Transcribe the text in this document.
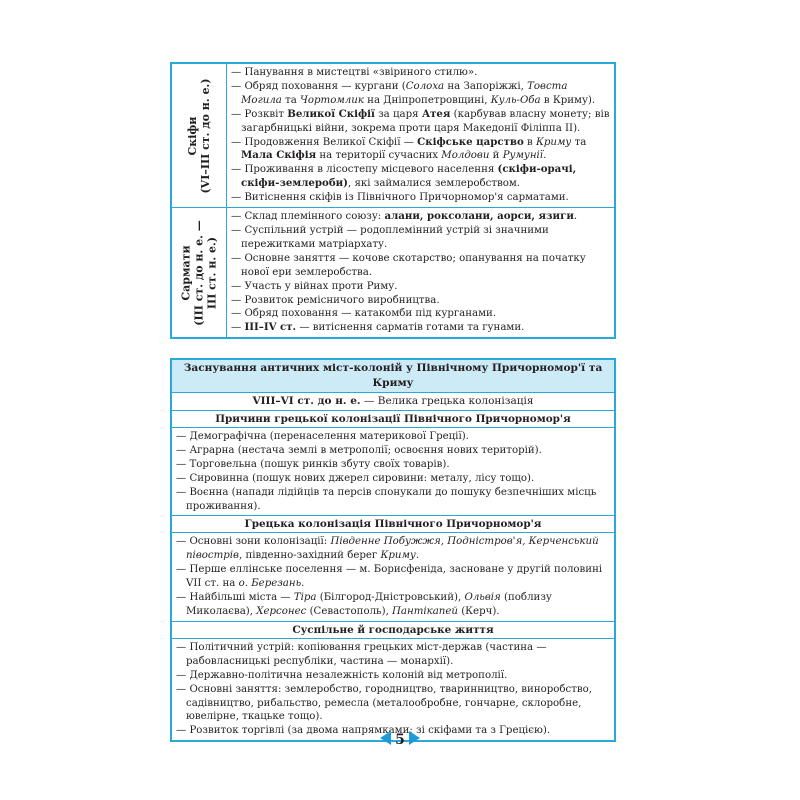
Скіфи (VI–III ст. до н. е.)
— Панування в мистецтві «звіриного стилю».
— Обряд поховання — кургани (Солоха на Запоріжжі, Товста Могила та Чортомлик на Дніпропетровщині, Куль-Оба в Криму).
— Розквіт Великої Скіфії за царя Атея (карбував власну монету; вів загарбницькі війни, зокрема проти царя Македонії Філіппа II).
— Продовження Великої Скіфії — Скіфське царство в Криму та Мала Скіфія на території сучасних Молдови й Румунії.
— Проживання в лісостепу місцевого населення (скіфи-орачі, скіфи-землероби), які займалися землеробством.
— Витіснення скіфів із Північного Причорномор'я сарматами.
Сармати (III ст. до н. е. — III ст. н. е.)
— Склад племінного союзу: алани, роксолани, аорси, язиги.
— Суспільний устрій — родоплемінний устрій зі значними пережитками матріархату.
— Основне заняття — кочове скотарство; опанування на початку нової ери землеробства.
— Участь у війнах проти Риму.
— Розвиток ремісничого виробництва.
— Обряд поховання — катакомби під курганами.
— III–IV ст. — витіснення сарматів готами та гунами.
Заснування античних міст-колоній у Північному Причорномор'ї та Криму
VIII–VI ст. до н. е. — Велика грецька колонізація
Причини грецької колонізації Північного Причорномор'я
— Демографічна (перенаселення материкової Греції).
— Аграрна (нестача землі в метрополії; освоєння нових територій).
— Торговельна (пошук ринків збуту своїх товарів).
— Сировинна (пошук нових джерел сировини: металу, лісу тощо).
— Воєнна (напади лідійців та персів спонукали до пошуку безпечніших місць проживання).
Грецька колонізація Північного Причорномор'я
— Основні зони колонізації: Південне Побужжя, Подністров'я, Керченський півострів, південно-західний берег Криму.
— Перше еллінське поселення — м. Борисфеніда, засноване у другій половині VII ст. на о. Березань.
— Найбільші міста — Тіра (Білгород-Дністровський), Ольвія (поблизу Миколаєва), Херсонес (Севастополь), Пантікапей (Керч).
Суспільне й господарське життя
— Політичний устрій: копіювання грецьких міст-держав (частина — рабовласницькі республіки, частина — монархії).
— Державно-політична незалежність колоній від метрополії.
— Основні заняття: землеробство, городництво, тваринництво, виноробство, садівництво, рибальство, ремесла (металообробне, гончарне, склоробне, ювелірне, ткацьке тощо).
— Розвиток торгівлі (за двома напрямками: зі скіфами та з Грецією).
5
